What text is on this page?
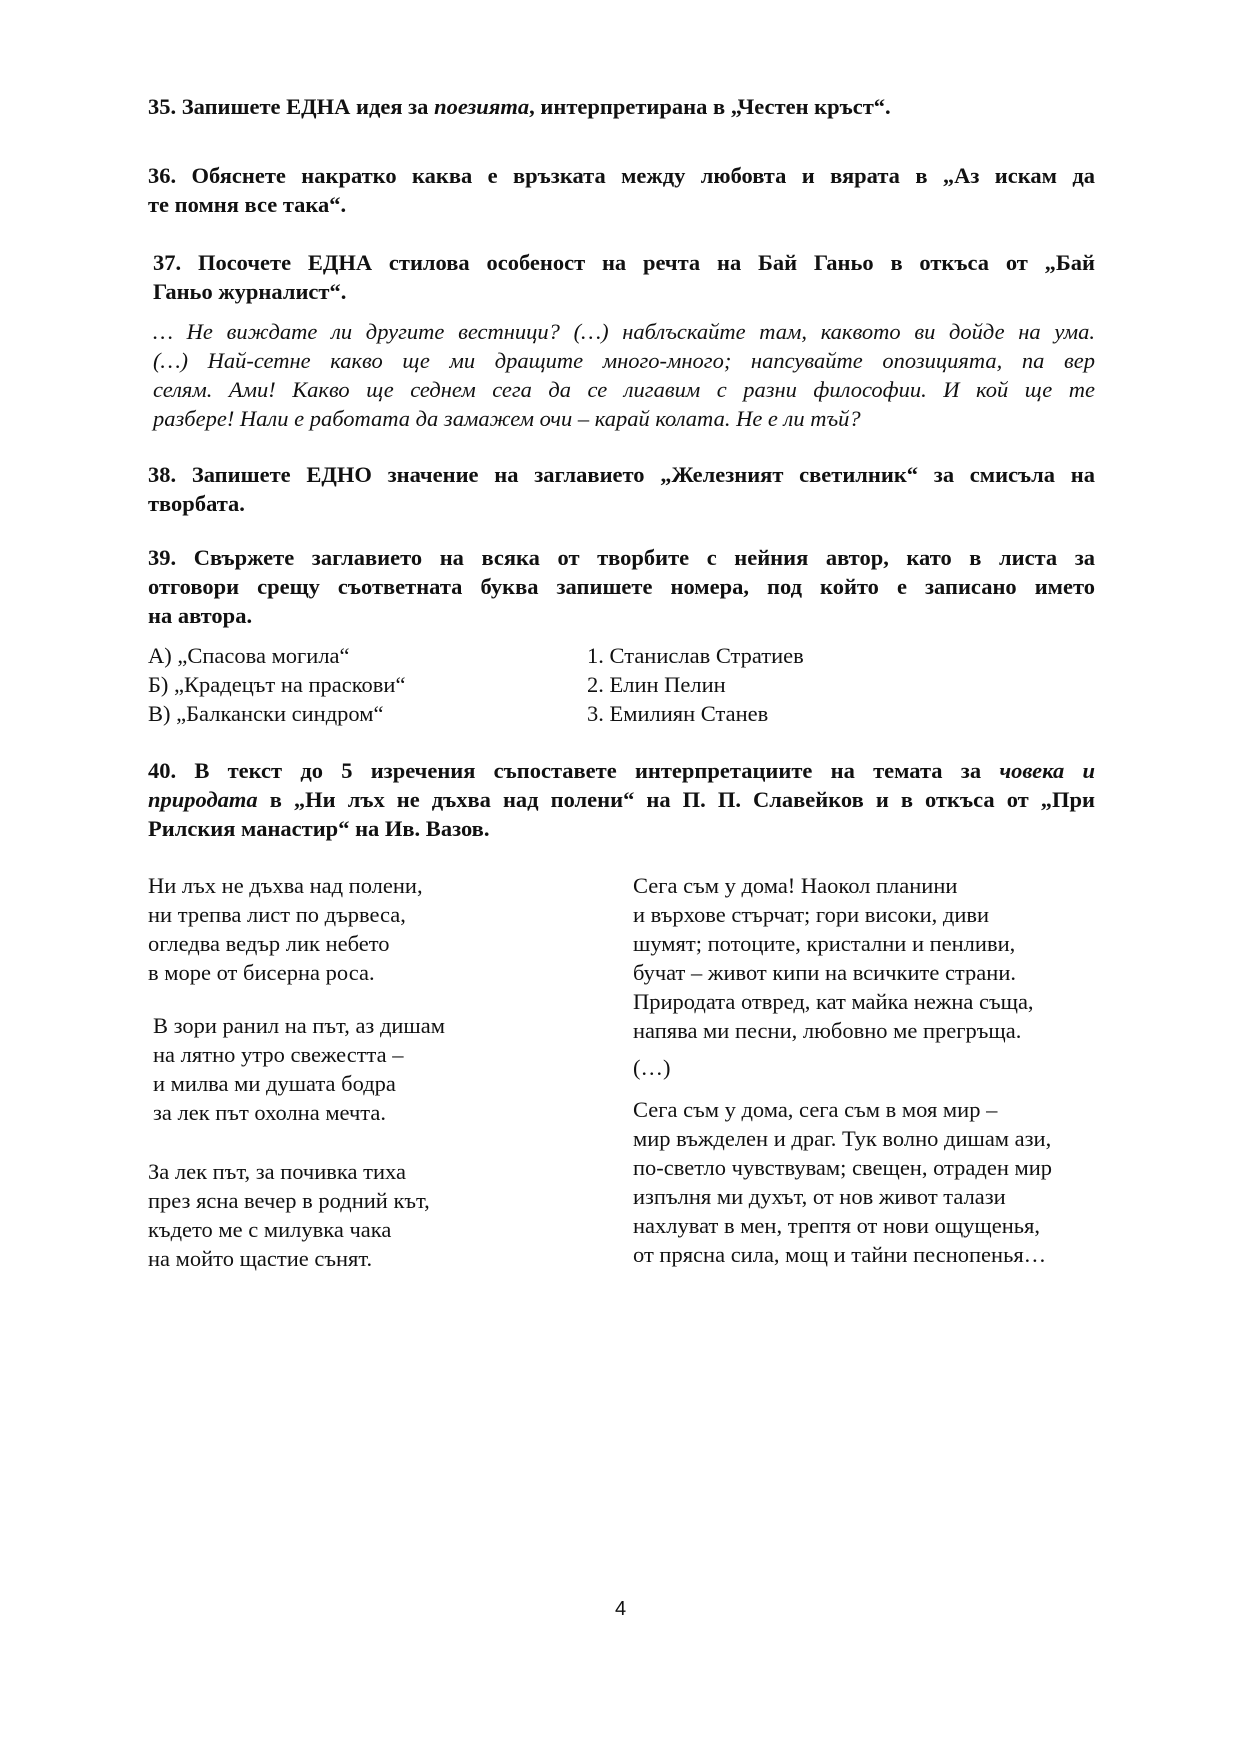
35. Запишете ЕДНА идея за поезията, интерпретирана в „Честен кръст“.
36. Обяснете накратко каква е връзката между любовта и вярата в „Аз искам да
те помня все така“.
37. Посочете ЕДНА стилова особеност на речта на Бай Ганьо в откъса от „Бай
Ганьо журналист“.
… Не виждате ли другите вестници? (…) наблъскайте там, каквото ви дойде на ума.
(…) Най-сетне какво ще ми дращите много-много; напсувайте опозицията, па вер
селям. Ами! Какво ще седнем сега да се лигавим с разни философии. И кой ще те
разбере! Нали е работата да замажем очи – карай колата. Не е ли тъй?
38. Запишете ЕДНО значение на заглавието „Железният светилник“ за смисъла на
творбата.
39. Свържете заглавието на всяка от творбите с нейния автор, като в листа за
отговори срещу съответната буква запишете номера, под който е записано името
на автора.
А) „Спасова могила“
Б) „Крадецът на праскови“
В) „Балкански синдром“
1. Станислав Стратиев
2. Елин Пелин
3. Емилиян Станев
40. В текст до 5 изречения съпоставете интерпретациите на темата за човека и
природата в „Ни лъх не дъхва над полени“ на П. П. Славейков и в откъса от „При
Рилския манастир“ на Ив. Вазов.
Ни лъх не дъхва над полени,
ни трепва лист по дървеса,
огледва ведър лик небето
в море от бисерна роса.
В зори ранил на път, аз дишам
на лятно утро свежестта –
и милва ми душата бодра
за лек път охолна мечта.
За лек път, за почивка тиха
през ясна вечер в родний кът,
където ме с милувка чака
на мойто щастие сънят.
Сега съм у дома! Наокол планини
и върхове стърчат; гори високи, диви
шумят; потоците, кристални и пенливи,
бучат – живот кипи на всичките страни.
Природата отвред, кат майка нежна съща,
напява ми песни, любовно ме прегръща.
(…)
Сега съм у дома, сега съм в моя мир –
мир въжделен и драг. Тук волно дишам ази,
по-светло чувствувам; свещен, отраден мир
изпълня ми духът, от нов живот талази
нахлуват в мен, трептя от нови ощущенья,
от прясна сила, мощ и тайни песнопенья…
4
